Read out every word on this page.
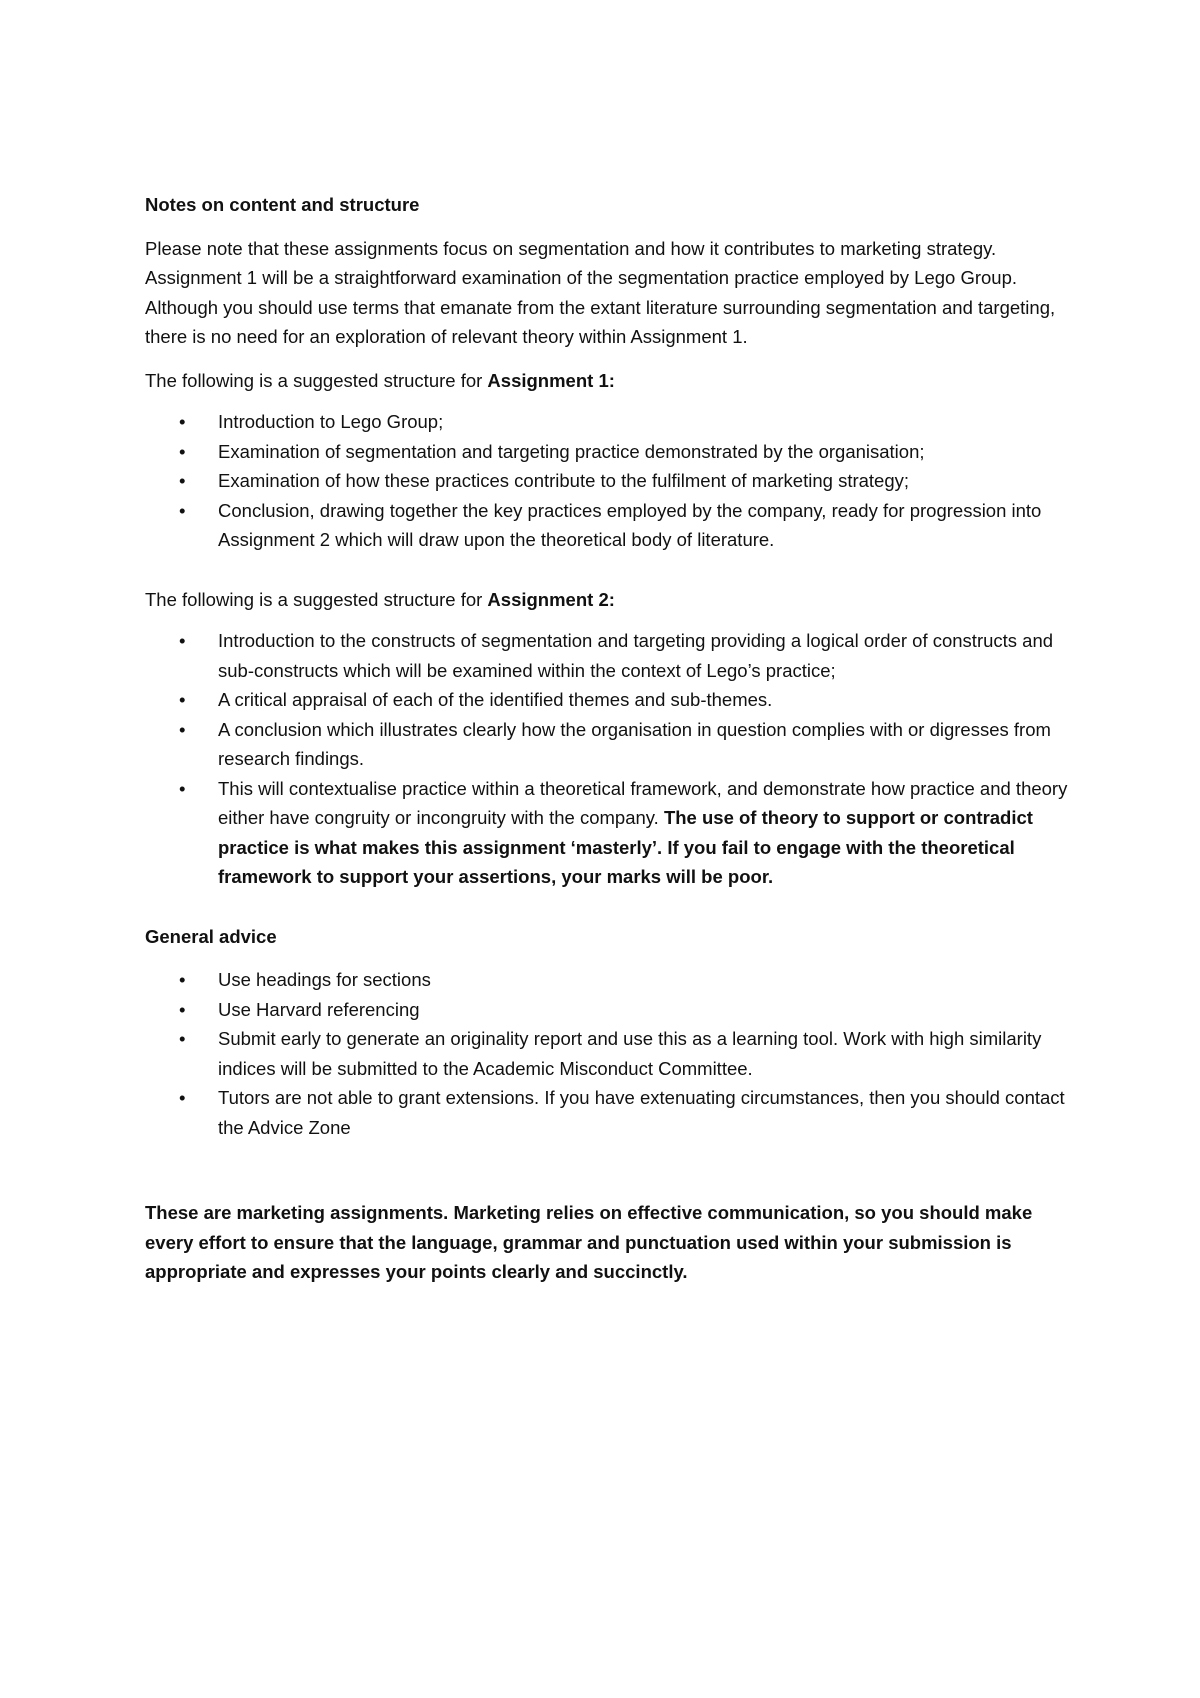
Notes on content and structure

Please note that these assignments focus on segmentation and how it contributes to marketing strategy. Assignment 1 will be a straightforward examination of the segmentation practice employed by Lego Group. Although you should use terms that emanate from the extant literature surrounding segmentation and targeting, there is no need for an exploration of relevant theory within Assignment 1.

The following is a suggested structure for Assignment 1:

• Introduction to Lego Group;
• Examination of segmentation and targeting practice demonstrated by the organisation;
• Examination of how these practices contribute to the fulfilment of marketing strategy;
• Conclusion, drawing together the key practices employed by the company, ready for progression into Assignment 2 which will draw upon the theoretical body of literature.

The following is a suggested structure for Assignment 2:

• Introduction to the constructs of segmentation and targeting providing a logical order of constructs and sub-constructs which will be examined within the context of Lego’s practice;
• A critical appraisal of each of the identified themes and sub-themes.
• A conclusion which illustrates clearly how the organisation in question complies with or digresses from research findings.
• This will contextualise practice within a theoretical framework, and demonstrate how practice and theory either have congruity or incongruity with the company. The use of theory to support or contradict practice is what makes this assignment ‘masterly’. If you fail to engage with the theoretical framework to support your assertions, your marks will be poor.
General advice
• Use headings for sections
• Use Harvard referencing
• Submit early to generate an originality report and use this as a learning tool. Work with high similarity indices will be submitted to the Academic Misconduct Committee.
• Tutors are not able to grant extensions. If you have extenuating circumstances, then you should contact the Advice Zone

These are marketing assignments. Marketing relies on effective communication, so you should make every effort to ensure that the language, grammar and punctuation used within your submission is appropriate and expresses your points clearly and succinctly.
